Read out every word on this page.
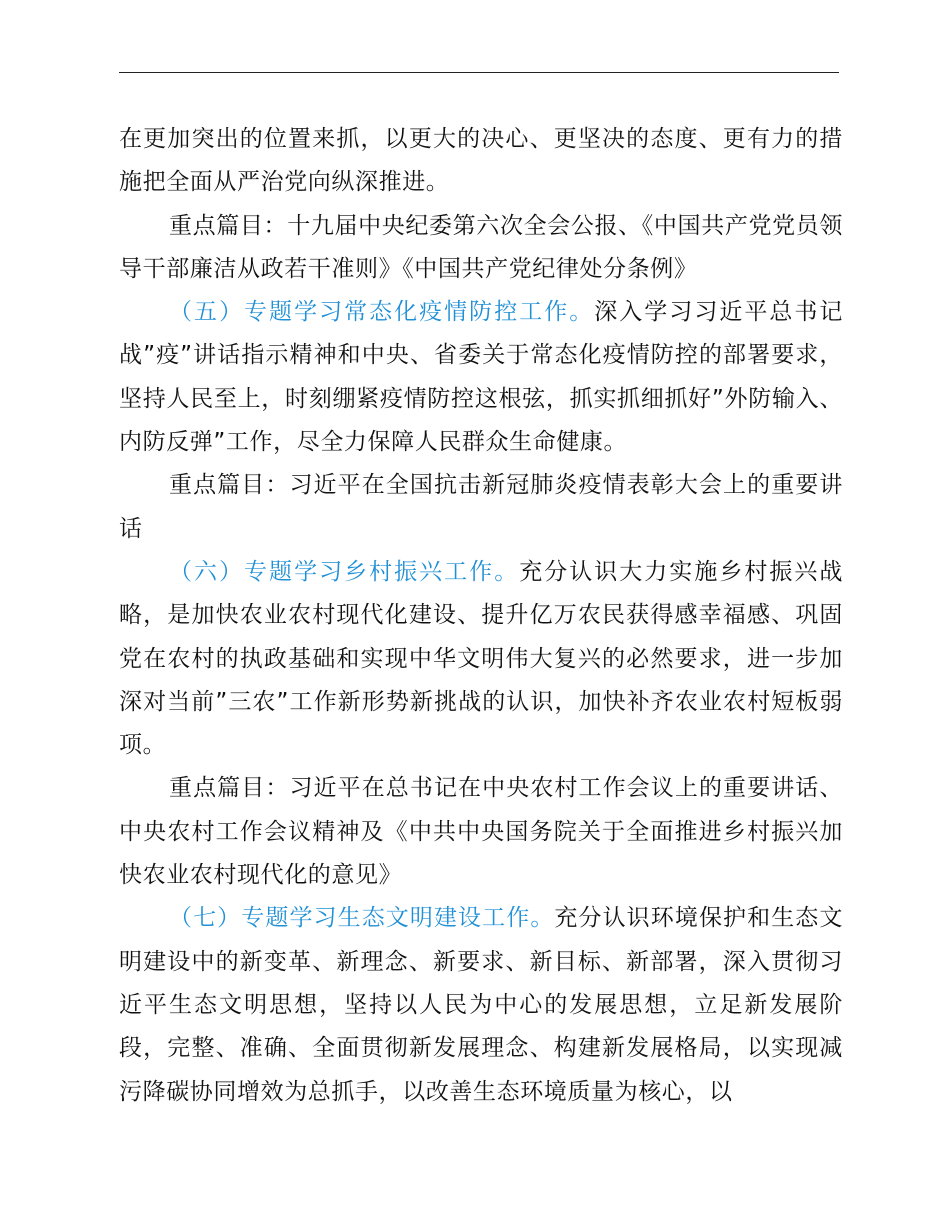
在更加突出的位置来抓，以更大的决心、更坚决的态度、更有力的措施把全面从严治党向纵深推进。

重点篇目：十九届中央纪委第六次全会公报、《中国共产党党员领导干部廉洁从政若干准则》《中国共产党纪律处分条例》

（五）专题学习常态化疫情防控工作。深入学习习近平总书记战”疫”讲话指示精神和中央、省委关于常态化疫情防控的部署要求，坚持人民至上，时刻绷紧疫情防控这根弦，抓实抓细抓好”外防输入、内防反弹”工作，尽全力保障人民群众生命健康。

重点篇目：习近平在全国抗击新冠肺炎疫情表彰大会上的重要讲话

（六）专题学习乡村振兴工作。充分认识大力实施乡村振兴战略，是加快农业农村现代化建设、提升亿万农民获得感幸福感、巩固党在农村的执政基础和实现中华文明伟大复兴的必然要求，进一步加深对当前”三农”工作新形势新挑战的认识，加快补齐农业农村短板弱项。

重点篇目：习近平在总书记在中央农村工作会议上的重要讲话、中央农村工作会议精神及《中共中央国务院关于全面推进乡村振兴加快农业农村现代化的意见》

（七）专题学习生态文明建设工作。充分认识环境保护和生态文明建设中的新变革、新理念、新要求、新目标、新部署，深入贯彻习近平生态文明思想，坚持以人民为中心的发展思想，立足新发展阶段，完整、准确、全面贯彻新发展理念、构建新发展格局，以实现减污降碳协同增效为总抓手，以改善生态环境质量为核心，以
